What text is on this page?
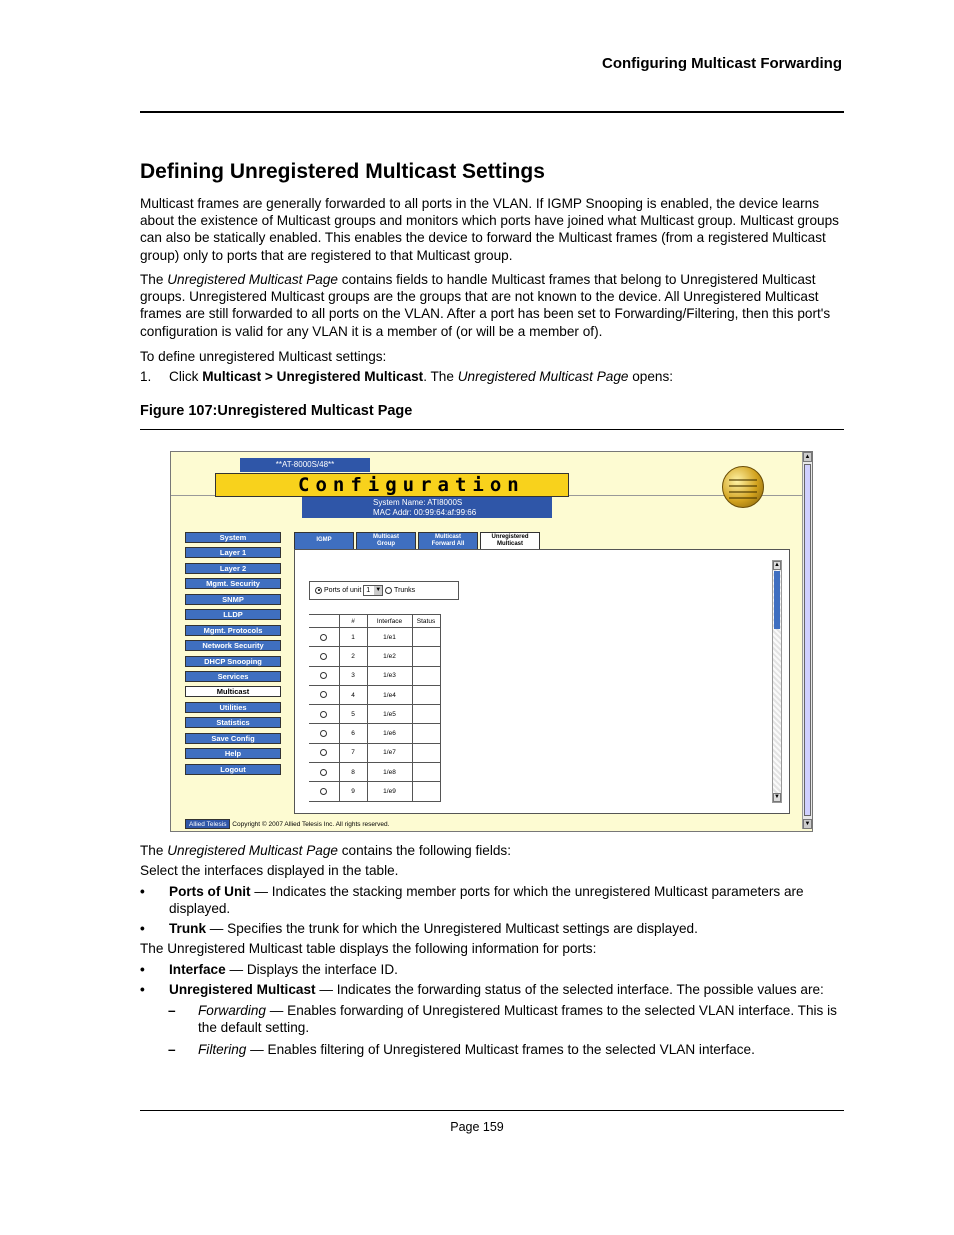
Configuring Multicast Forwarding
Defining Unregistered Multicast Settings

Multicast frames are generally forwarded to all ports in the VLAN. If IGMP Snooping is enabled, the device learns about the existence of Multicast groups and monitors which ports have joined what Multicast group. Multicast groups can also be statically enabled. This enables the device to forward the Multicast frames (from a registered Multicast group) only to ports that are registered to that Multicast group.

The Unregistered Multicast Page contains fields to handle Multicast frames that belong to Unregistered Multicast groups. Unregistered Multicast groups are the groups that are not known to the device. All Unregistered Multicast frames are still forwarded to all ports on the VLAN. After a port has been set to Forwarding/Filtering, then this port's configuration is valid for any VLAN it is a member of (or will be a member of).
To define unregistered Multicast settings:
1. Click Multicast > Unregistered Multicast. The Unregistered Multicast Page opens:
Figure 107:Unregistered Multicast Page
**AT-8000S/48**
Configuration
System Name: ATI8000S
MAC Addr: 00:99:64:af:99:66
System
Layer 1
Layer 2
Mgmt. Security
SNMP
LLDP
Mgmt. Protocols
Network Security
DHCP Snooping
Services
Multicast
Utilities
Statistics
Save Config
Help
Logout
IGMP	Multicast
Group
Multicast
Forward All
Unregistered
Multicast
Ports of unit 1 ▼ Trunks
	#	Interface	Status
	1	1/e1	
	2	1/e2	
	3	1/e3	
	4	1/e4	
	5	1/e5	
	6	1/e6	
	7	1/e7	
	8	1/e8	
	9	1/e9	
▲
▼
Allied Telesis Copyright © 2007 Allied Telesis Inc. All rights reserved.
▲
▼
The Unregistered Multicast Page contains the following fields:
Select the interfaces displayed in the table.
• Ports of Unit — Indicates the stacking member ports for which the unregistered Multicast parameters are displayed.
• Trunk — Specifies the trunk for which the Unregistered Multicast settings are displayed.
The Unregistered Multicast table displays the following information for ports:
• Interface — Displays the interface ID.
• Unregistered Multicast — Indicates the forwarding status of the selected interface. The possible values are:
– Forwarding — Enables forwarding of Unregistered Multicast frames to the selected VLAN interface. This is the default setting.
– Filtering — Enables filtering of Unregistered Multicast frames to the selected VLAN interface.
Page 159
